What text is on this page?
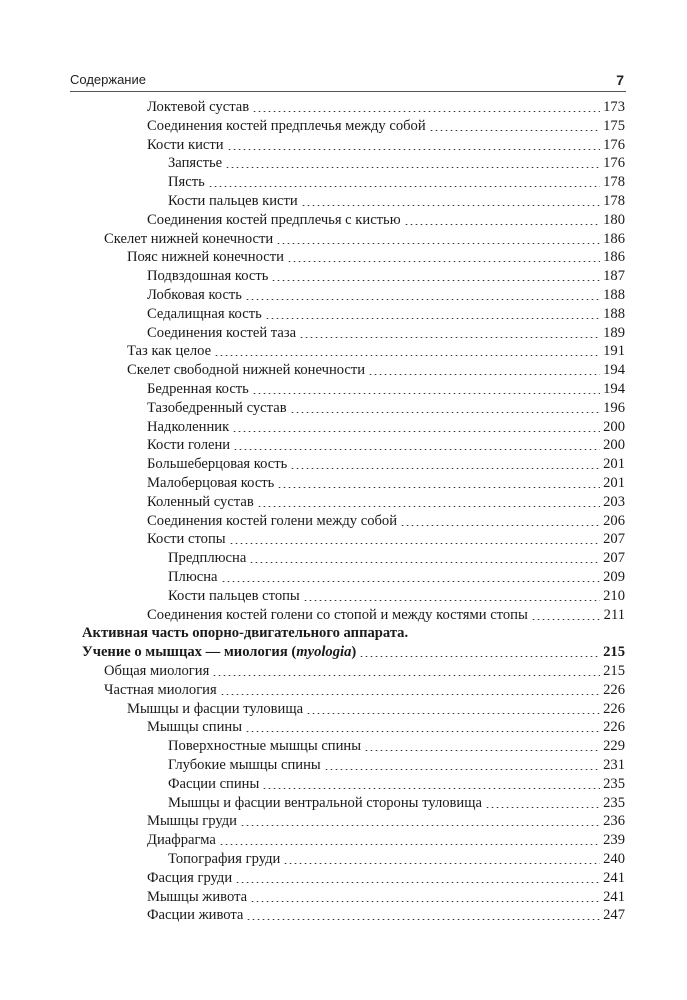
Содержание	7
Локтевой сустав	173
Соединения костей предплечья между собой	175
Кости кисти	176
Запястье	176
Пясть	178
Кости пальцев кисти	178
Соединения костей предплечья с кистью	180
Скелет нижней конечности	186
Пояс нижней конечности	186
Подвздошная кость	187
Лобковая кость	188
Седалищная кость	188
Соединения костей таза	189
Таз как целое	191
Скелет свободной нижней конечности	194
Бедренная кость	194
Тазобедренный сустав	196
Надколенник	200
Кости голени	200
Большеберцовая кость	201
Малоберцовая кость	201
Коленный сустав	203
Соединения костей голени между собой	206
Кости стопы	207
Предплюсна	207
Плюсна	209
Кости пальцев стопы	210
Соединения костей голени со стопой и между костями стопы	211
Активная часть опорно-двигательного аппарата.
Учение о мышцах — миология (myologia)	215
Общая миология	215
Частная миология	226
Мышцы и фасции туловища	226
Мышцы спины	226
Поверхностные мышцы спины	229
Глубокие мышцы спины	231
Фасции спины	235
Мышцы и фасции вентральной стороны туловища	235
Мышцы груди	236
Диафрагма	239
Топография груди	240
Фасция груди	241
Мышцы живота	241
Фасции живота	247
